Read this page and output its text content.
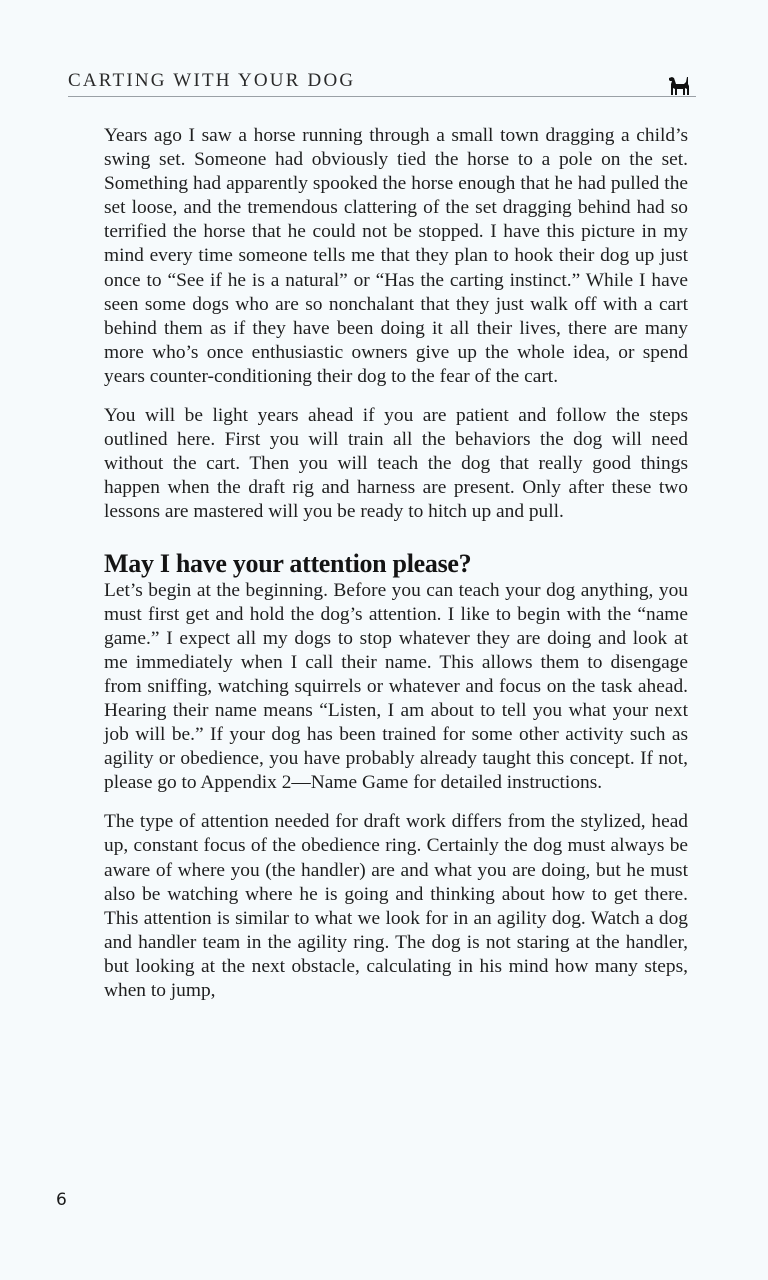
CARTING WITH YOUR DOG

Years ago I saw a horse running through a small town dragging a child’s swing set. Someone had obviously tied the horse to a pole on the set. Something had apparently spooked the horse enough that he had pulled the set loose, and the tremendous clattering of the set dragging behind had so terrified the horse that he could not be stopped. I have this picture in my mind every time someone tells me that they plan to hook their dog up just once to “See if he is a natural” or “Has the carting instinct.” While I have seen some dogs who are so nonchalant that they just walk off with a cart behind them as if they have been doing it all their lives, there are many more who’s once enthusiastic owners give up the whole idea, or spend years counter-conditioning their dog to the fear of the cart.

You will be light years ahead if you are patient and follow the steps outlined here. First you will train all the behaviors the dog will need without the cart. Then you will teach the dog that really good things happen when the draft rig and harness are present. Only after these two lessons are mastered will you be ready to hitch up and pull.

May I have your attention please?

Let’s begin at the beginning. Before you can teach your dog anything, you must first get and hold the dog’s attention. I like to begin with the “name game.” I expect all my dogs to stop whatever they are doing and look at me immediately when I call their name. This allows them to disengage from sniffing, watching squirrels or whatever and focus on the task ahead. Hearing their name means “Listen, I am about to tell you what your next job will be.” If your dog has been trained for some other activity such as agility or obedience, you have probably already taught this concept. If not, please go to Appendix 2—Name Game for detailed instructions.

The type of attention needed for draft work differs from the stylized, head up, constant focus of the obedience ring. Certainly the dog must always be aware of where you (the handler) are and what you are doing, but he must also be watching where he is going and thinking about how to get there. This attention is similar to what we look for in an agility dog. Watch a dog and handler team in the agility ring. The dog is not staring at the handler, but looking at the next obstacle, calculating in his mind how many steps, when to jump,

6
